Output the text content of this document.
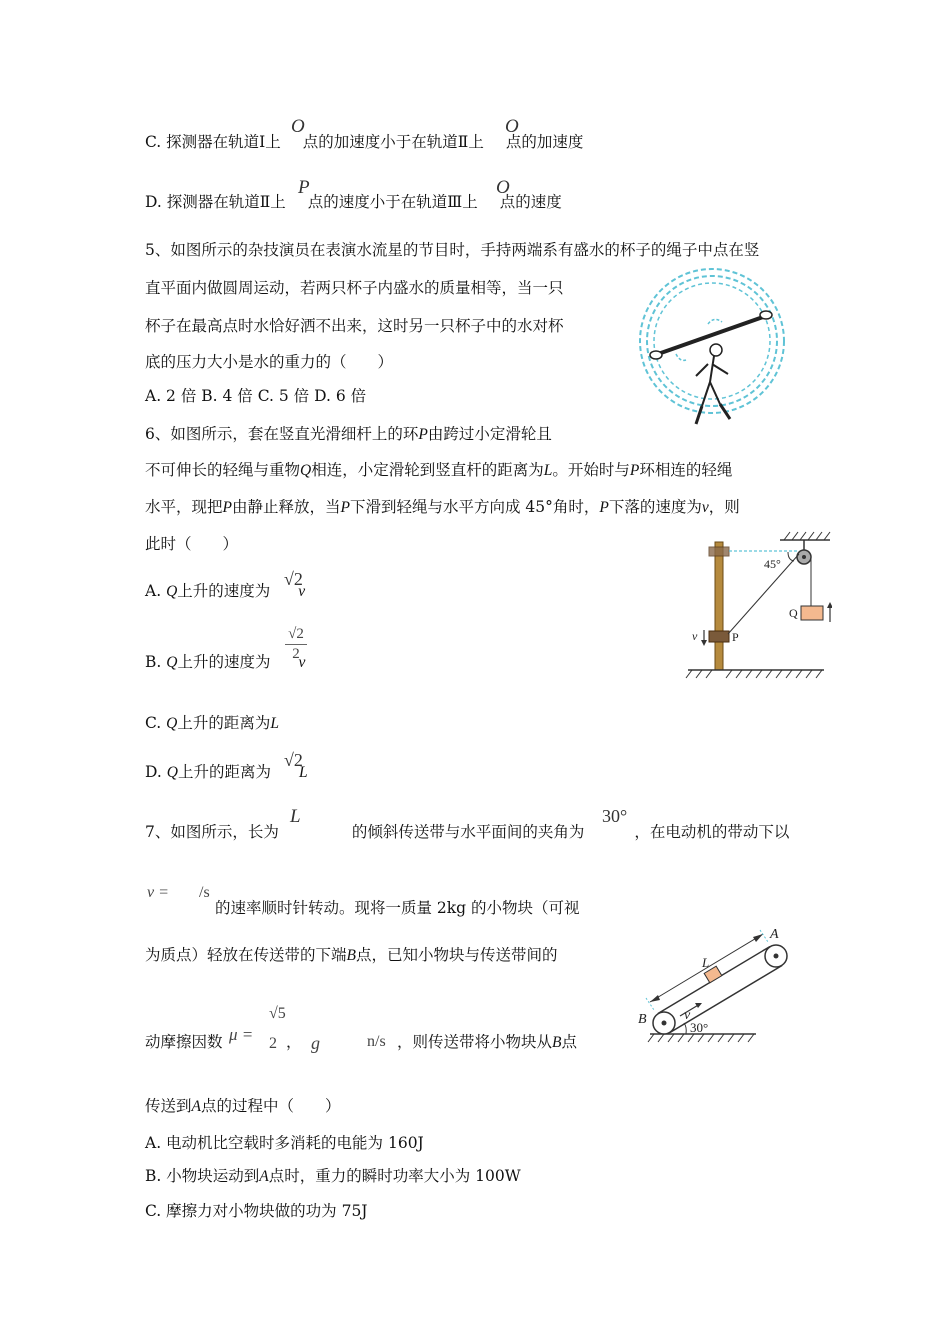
C. 探测器在轨道Ⅰ上 点的加速度小于在轨道Ⅱ上 点的加速度
O	O
D. 探测器在轨道Ⅱ上 点的速度小于在轨道Ⅲ上 点的速度
P	O
5、如图所示的杂技演员在表演水流星的节目时，手持两端系有盛水的杯子的绳子中点在竖
直平面内做圆周运动，若两只杯子内盛水的质量相等，当一只
杯子在最高点时水恰好洒不出来，这时另一只杯子中的水对杯
底的压力大小是水的重力的（　　）
A. 2 倍 B. 4 倍 C. 5 倍 D. 6 倍
6、如图所示，套在竖直光滑细杆上的环P由跨过小定滑轮且
不可伸长的轻绳与重物Q相连，小定滑轮到竖直杆的距离为L。开始时与P环相连的轻绳
水平，现把P由静止释放，当P下滑到轻绳与水平方向成 45°角时，P下落的速度为v，则
此时（　　）
A. Q上升的速度为 v
√2
B. Q上升的速度为 v
√2
2
C. Q上升的距离为L
D. Q上升的距离为 L
√2
45°
Q
P
v
7、如图所示，长为	的倾斜传送带与水平面间的夹角为	，在电动机的带动下以
L	30°
v = /s
的速率顺时针转动。现将一质量 2kg 的小物块（可视
为质点）轻放在传送带的下端B点，已知小物块与传送带间的
动摩擦因数 μ =
√5
2 ， g	n/s ，则传送带将小物块从B点
传送到A点的过程中（　　）
A. 电动机比空载时多消耗的电能为 160J
B. 小物块运动到A点时，重力的瞬时功率大小为 100W
C. 摩擦力对小物块做的功为 75J
A
B
L
v
30°
